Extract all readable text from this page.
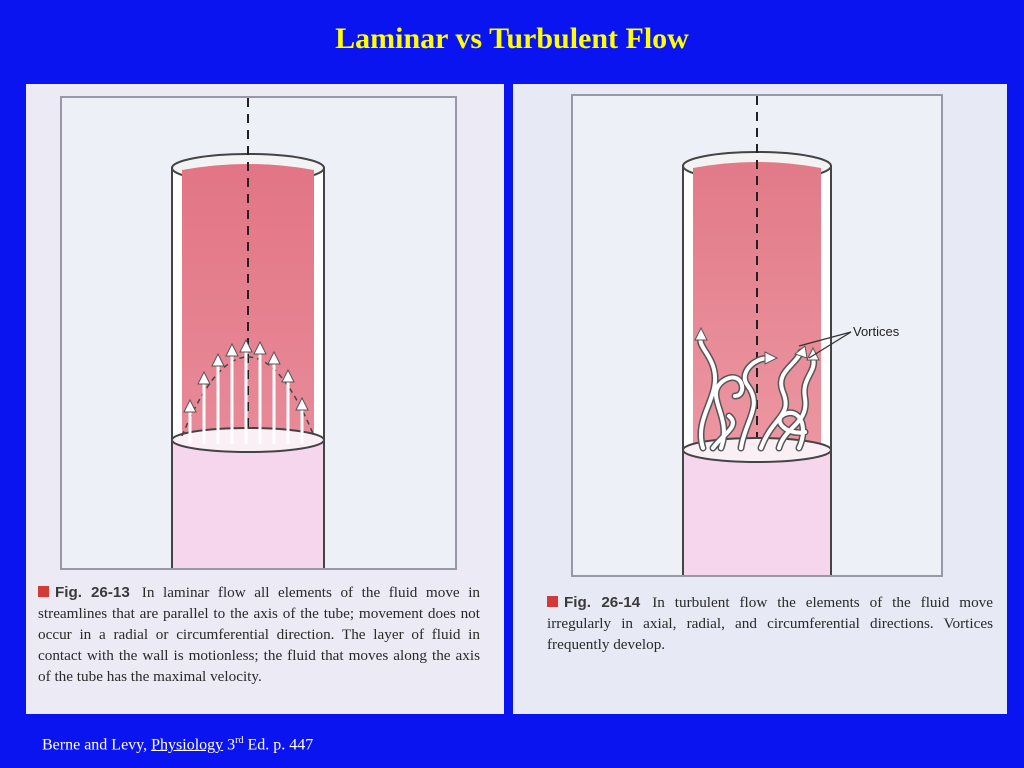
Laminar vs Turbulent Flow
Fig. 26-13 In laminar flow all elements of the fluid move in streamlines that are parallel to the axis of the tube; movement does not occur in a radial or circumferential direction. The layer of fluid in contact with the wall is motionless; the fluid that moves along the axis of the tube has the maximal velocity.
Vortices
Fig. 26-14 In turbulent flow the elements of the fluid move irregularly in axial, radial, and circumferential directions. Vortices frequently develop.
Berne and Levy, Physiology 3rd Ed. p. 447
